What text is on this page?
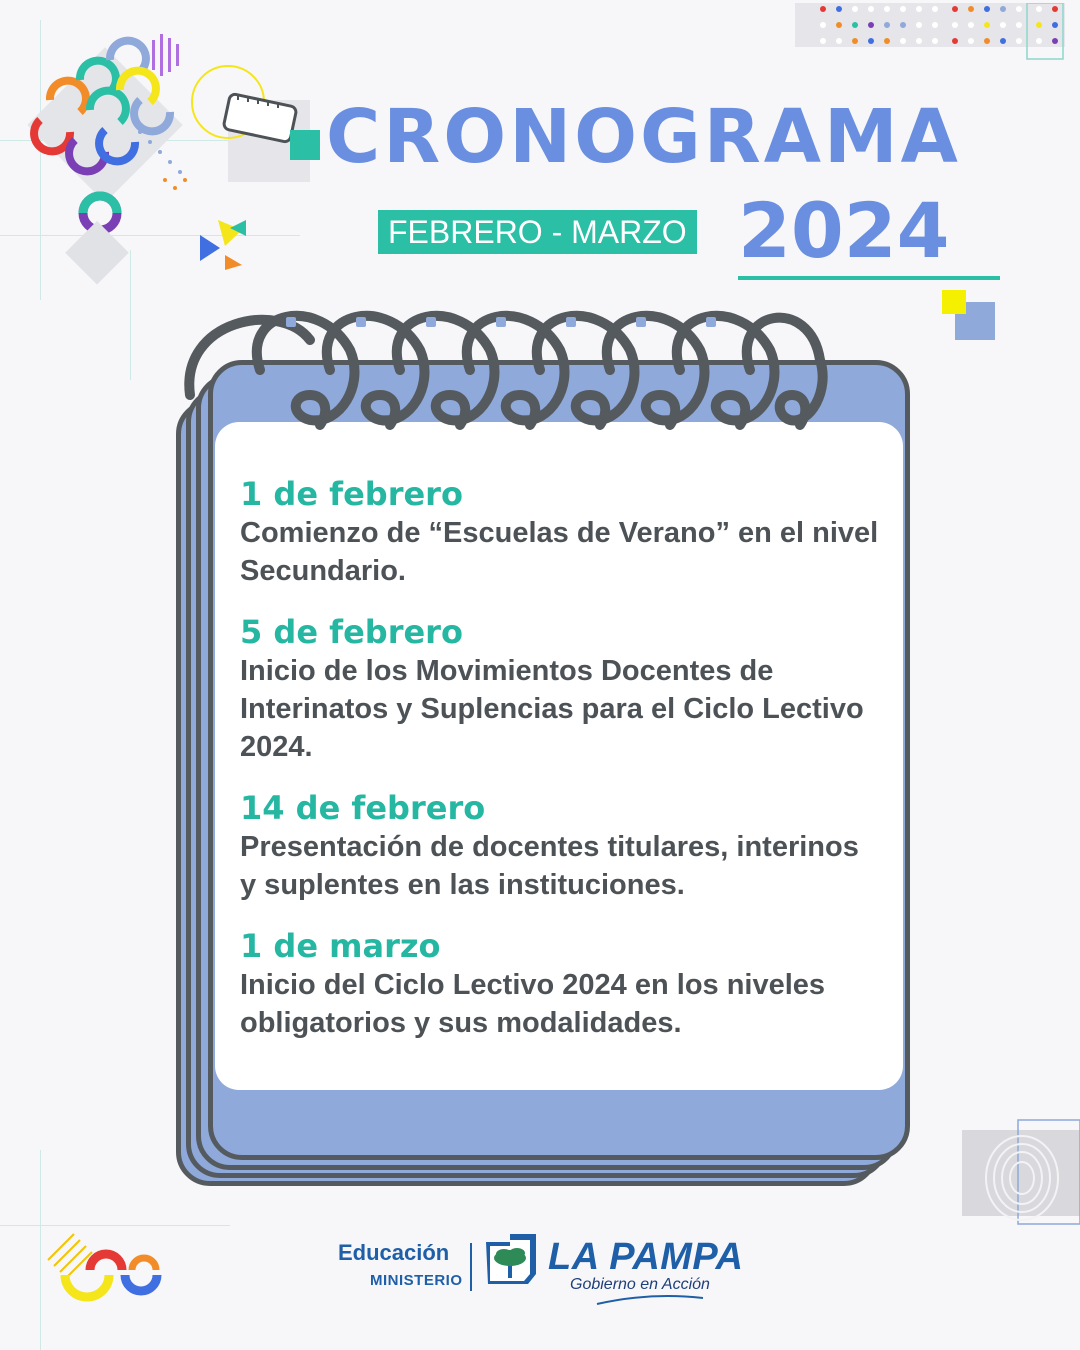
CRONOGRAMA
FEBRERO - MARZO 2024
1 de febrero
Comienzo de “Escuelas de Verano” en el nivel Secundario.
5 de febrero
Inicio de los Movimientos Docentes de Interinatos y Suplencias para el Ciclo Lectivo 2024.
14 de febrero
Presentación de docentes titulares, interinos y suplentes en las instituciones.
1 de marzo
Inicio del Ciclo Lectivo 2024 en los niveles obligatorios y sus modalidades.
Educación
MINISTERIO
LA PAMPA
Gobierno en Acción
